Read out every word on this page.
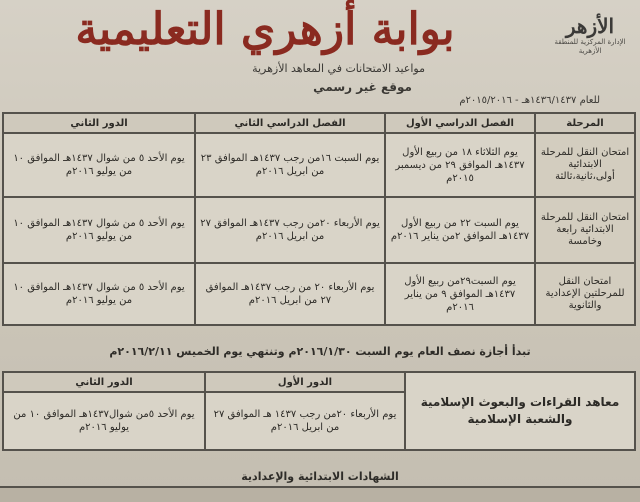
بوابة أزهري التعليمية	الأزهر
الإدارة المركزية للمنطقة الأزهرية
مواعيد الامتحانات في المعاهد الأزهرية
موقع غير رسمي
للعام ١٤٣٦/١٤٣٧هـ - ٢٠١٥/٢٠١٦م
المرحلة	الفصل الدراسي الأول	الفصل الدراسي الثاني	الدور الثاني
امتحان النقل للمرحلة الابتدائية أولى،ثانية،ثالثة	يوم الثلاثاء ١٨ من ربيع الأول ١٤٣٧هـ الموافق ٢٩ من ديسمبر ٢٠١٥م	يوم السبت ١٦من رجب ١٤٣٧هـ الموافق ٢٣ من ابريل ٢٠١٦م	يوم الأحد ٥ من شوال ١٤٣٧هـ الموافق ١٠ من يوليو ٢٠١٦م
امتحان النقل للمرحلة الابتدائية رابعة وخامسة	يوم السبت ٢٢ من ربيع الأول ١٤٣٧هـ الموافق ٢من يناير ٢٠١٦م	يوم الأربعاء ٢٠من رجب ١٤٣٧هـ الموافق ٢٧ من ابريل ٢٠١٦م	يوم الأحد ٥ من شوال ١٤٣٧هـ الموافق ١٠ من يوليو ٢٠١٦م
امتحان النقل للمرحلتين الإعدادية والثانوية	يوم السبت٢٩من ربيع الأول ١٤٣٧هـ الموافق ٩ من يناير ٢٠١٦م	يوم الأربعاء ٢٠ من رجب ١٤٣٧هـ الموافق ٢٧ من ابريل ٢٠١٦م	يوم الأحد ٥ من شوال ١٤٣٧هـ الموافق ١٠ من يوليو ٢٠١٦م
تبدأ أجازة نصف العام يوم السبت ٢٠١٦/١/٣٠م وتنتهي يوم الخميس ٢٠١٦/٢/١١م
معاهد القراءات والبعوث الإسلامية والشعبة الإسلامية	الدور الأول	الدور الثاني
	يوم الأربعاء ٢٠من رجب ١٤٣٧ هـ الموافق ٢٧ من ابريل ٢٠١٦م	يوم الأحد ٥من شوال١٤٣٧هـ الموافق ١٠ من يوليو ٢٠١٦م
الشهادات الابتدائية والإعدادية
